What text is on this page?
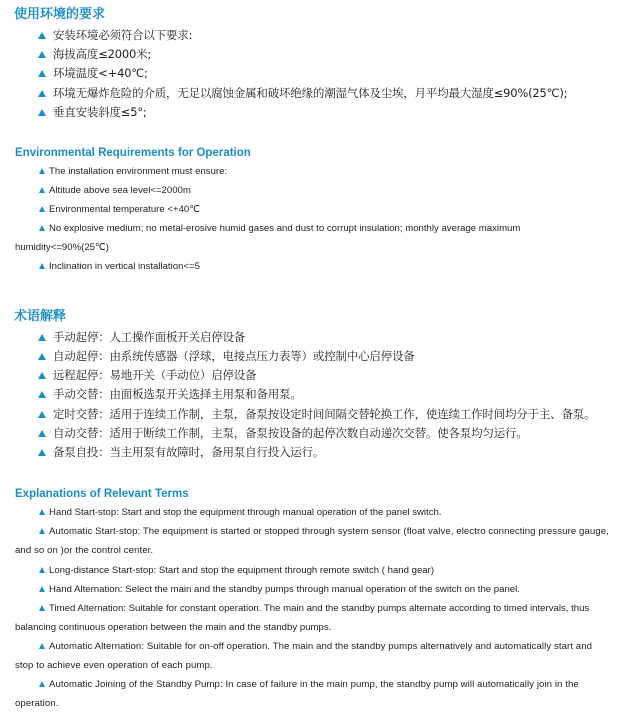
使用环境的要求
安装环境必须符合以下要求:
海拔高度≤2000米;
环境温度<+40℃;
环境无爆炸危险的介质，无足以腐蚀金属和破坏绝缘的潮湿气体及尘埃，月平均最大湿度≤90%(25℃);
垂直安装斜度≤5°;
Environmental Requirements for Operation
The installation environment must ensure:
Altitude above sea level<=2000m
Environmental temperature <+40℃
No explosive medium; no metal-erosive humid gases and dust to corrupt insulation; monthly average maximum humidity<=90%(25℃)
Inclination in vertical installation<=5
术语解释
手动起停：人工操作面板开关启停设备
自动起停：由系统传感器（浮球，电接点压力表等）或控制中心启停设备
远程起停：易地开关（手动位）启停设备
手动交替：由面板选泵开关选择主用泵和备用泵。
定时交替：适用于连续工作制，主泵，备泵按设定时间间隔交替轮换工作，使连续工作时间均分于主、备泵。
自动交替：适用于断续工作制，主泵，备泵按设备的起停次数自动递次交替。使各泵均匀运行。
备泵自投：当主用泵有故障时，备用泵自行投入运行。
Explanations of Relevant Terms
Hand Start-stop: Start and stop the equipment through manual operation of the panel switch.
Automatic Start-stop: The equipment is started or stopped through system sensor (float valve, electro connecting pressure gauge, and so on )or the control center.
Long-distance Start-stop: Start and stop the equipment through remote switch ( hand gear)
Hand Alternation: Select the main and the standby pumps through manual operation of the switch on the panel.
Timed Alternation: Suitable for constant operation. The main and the standby pumps alternate according to timed intervals, thus balancing continuous operation between the main and the standby pumps.
Automatic Alternation: Suitable for on-off operation. The main and the standby pumps alternatively and automatically start and stop to achieve even operation of each pump.
Automatic Joining of the Standby Pump: In case of failure in the main pump, the standby pump will automatically join in the operation.
